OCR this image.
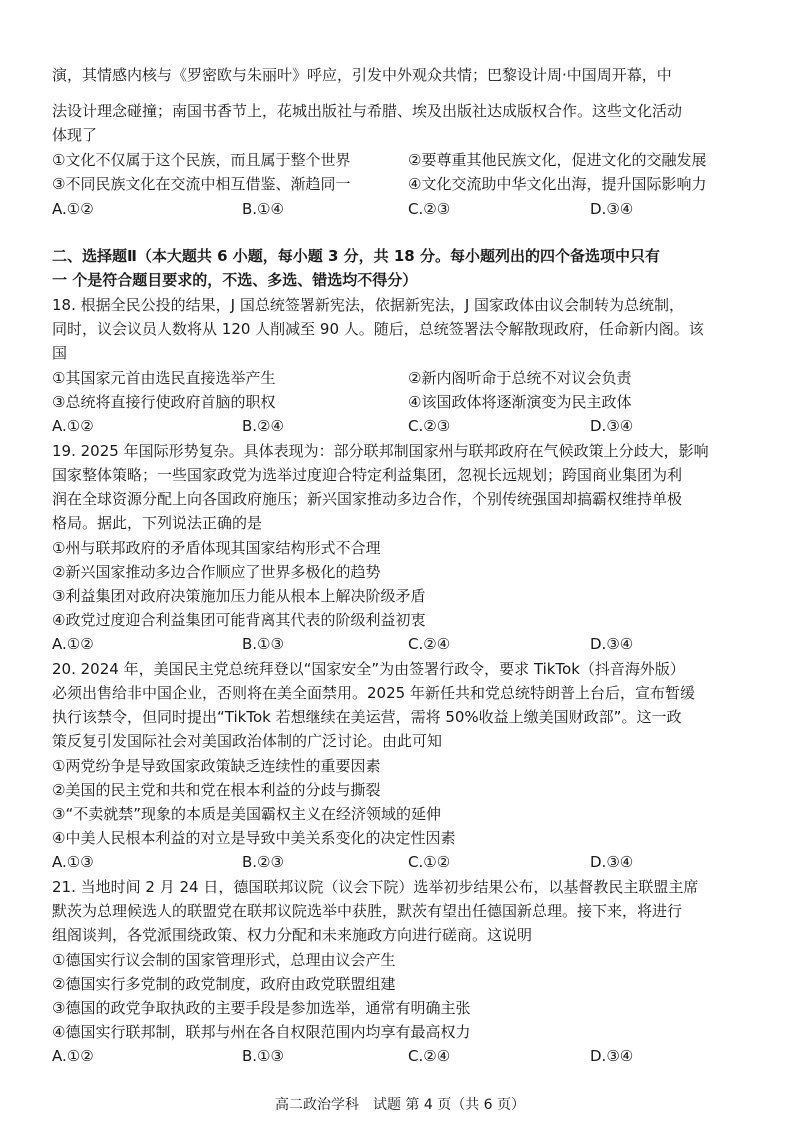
演，其情感内核与《罗密欧与朱丽叶》呼应，引发中外观众共情；巴黎设计周·中国周开幕，中
法设计理念碰撞；南国书香节上，花城出版社与希腊、埃及出版社达成版权合作。这些文化活动
体现了
①文化不仅属于这个民族，而且属于整个世界	②要尊重其他民族文化，促进文化的交融发展
③不同民族文化在交流中相互借鉴、渐趋同一	④文化交流助中华文化出海，提升国际影响力
A.①②	B.①④	C.②③	D.③④
二、选择题Ⅱ（本大题共 6 小题，每小题 3 分，共 18 分。每小题列出的四个备选项中只有
一 个是符合题目要求的，不选、多选、错选均不得分）
18. 根据全民公投的结果，J 国总统签署新宪法，依据新宪法，J 国家政体由议会制转为总统制，
同时，议会议员人数将从 120 人削减至 90 人。随后，总统签署法令解散现政府，任命新内阁。该
国
①其国家元首由选民直接选举产生	②新内阁听命于总统不对议会负责
③总统将直接行使政府首脑的职权	④该国政体将逐渐演变为民主政体
A.①②	B.②④	C.②③	D.③④
19. 2025 年国际形势复杂。具体表现为：部分联邦制国家州与联邦政府在气候政策上分歧大，影响
国家整体策略；一些国家政党为选举过度迎合特定利益集团，忽视长远规划；跨国商业集团为利
润在全球资源分配上向各国政府施压；新兴国家推动多边合作，个别传统强国却搞霸权维持单极
格局。据此，下列说法正确的是
①州与联邦政府的矛盾体现其国家结构形式不合理
②新兴国家推动多边合作顺应了世界多极化的趋势
③利益集团对政府决策施加压力能从根本上解决阶级矛盾
④政党过度迎合利益集团可能背离其代表的阶级利益初衷
A.①②	B.①③	C.②④	D.③④
20. 2024 年，美国民主党总统拜登以“国家安全”为由签署行政令，要求 TikTok（抖音海外版）
必须出售给非中国企业，否则将在美全面禁用。2025 年新任共和党总统特朗普上台后，宣布暂缓
执行该禁令，但同时提出“TikTok 若想继续在美运营，需将 50%收益上缴美国财政部”。这一政
策反复引发国际社会对美国政治体制的广泛讨论。由此可知
①两党纷争是导致国家政策缺乏连续性的重要因素
②美国的民主党和共和党在根本利益的分歧与撕裂
③“不卖就禁”现象的本质是美国霸权主义在经济领域的延伸
④中美人民根本利益的对立是导致中美关系变化的决定性因素
A.①③	B.②③	C.①②	D.③④
21. 当地时间 2 月 24 日，德国联邦议院（议会下院）选举初步结果公布，以基督教民主联盟主席
默茨为总理候选人的联盟党在联邦议院选举中获胜，默茨有望出任德国新总理。接下来，将进行
组阁谈判，各党派围绕政策、权力分配和未来施政方向进行磋商。这说明
①德国实行议会制的国家管理形式，总理由议会产生
②德国实行多党制的政党制度，政府由政党联盟组建
③德国的政党争取执政的主要手段是参加选举，通常有明确主张
④德国实行联邦制，联邦与州在各自权限范围内均享有最高权力
A.①②	B.①③	C.②④	D.③④
高二政治学科　试题 第 4 页（共 6 页）
